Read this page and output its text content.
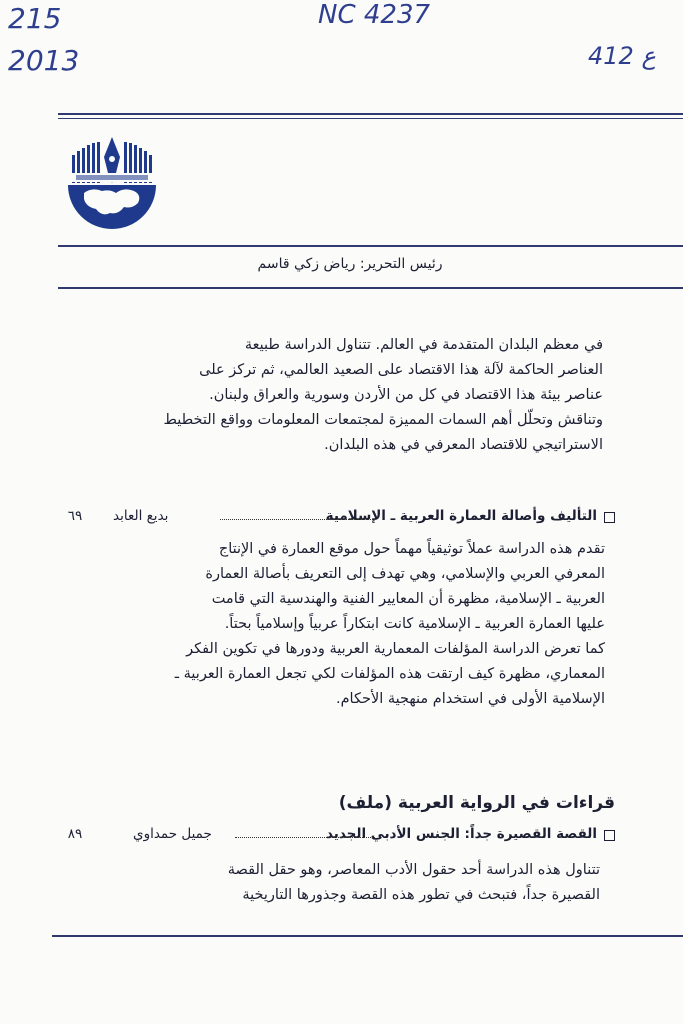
215
2013
NC 4237
ع 412
رئيس التحرير: رياض زكي قاسم
في معظم البلدان المتقدمة في العالم. تتناول الدراسة طبيعة
العناصر الحاكمة لآلة هذا الاقتصاد على الصعيد العالمي، ثم تركز على
عناصر بيئة هذا الاقتصاد في كل من الأردن وسورية والعراق ولبنان.
وتناقش وتحلّل أهم السمات المميزة لمجتمعات المعلومات وواقع التخطيط
الاستراتيجي للاقتصاد المعرفي في هذه البلدان.
التأليف وأصالة العمارة العربية ـ الإسلامية
بديع العابد
٦٩
تقدم هذه الدراسة عملاً توثيقياً مهماً حول موقع العمارة في الإنتاج
المعرفي العربي والإسلامي، وهي تهدف إلى التعريف بأصالة العمارة
العربية ـ الإسلامية، مظهرة أن المعايير الفنية والهندسية التي قامت
عليها العمارة العربية ـ الإسلامية كانت ابتكاراً عربياً وإسلامياً بحتاً.
كما تعرض الدراسة المؤلفات المعمارية العربية ودورها في تكوين الفكر
المعماري، مظهرة كيف ارتقت هذه المؤلفات لكي تجعل العمارة العربية ـ
الإسلامية الأولى في استخدام منهجية الأحكام.
قراءات في الرواية العربية (ملف)
القصة القصيرة جداً: الجنس الأدبي الجديد
جميل حمداوي
٨٩
تتناول هذه الدراسة أحد حقول الأدب المعاصر، وهو حقل القصة
القصيرة جداً، فتبحث في تطور هذه القصة وجذورها التاريخية
